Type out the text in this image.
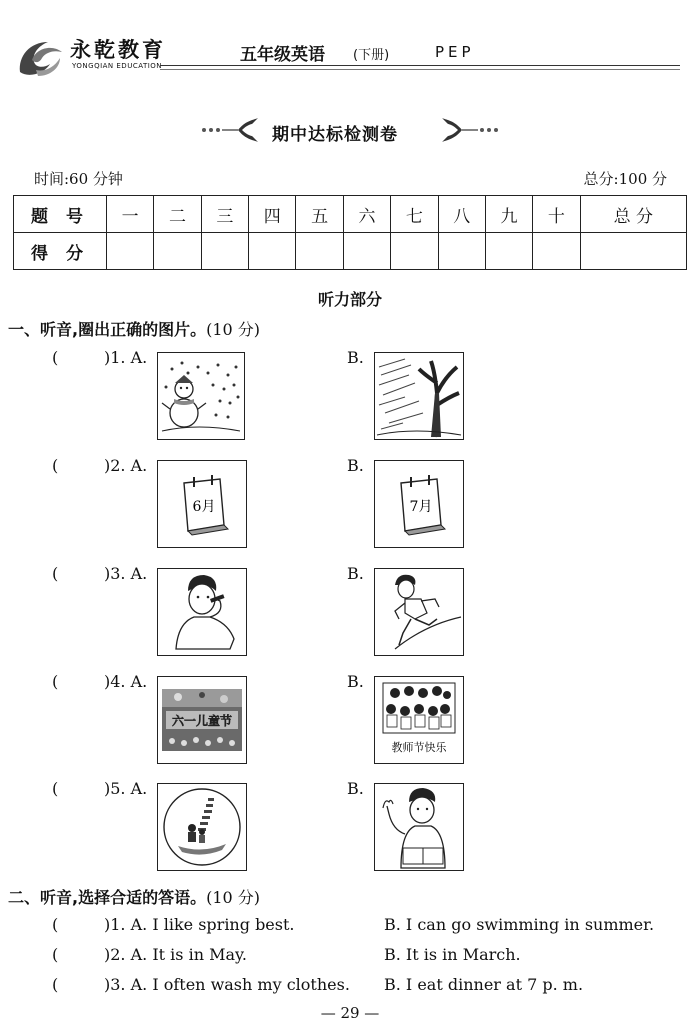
永乾教育
YONGQIAN EDUCATION
五年级英语 (下册)	PEP
期中达标检测卷
时间:60 分钟	总分:100 分
题 号	一	二	三	四	五	六	七	八	九	十	总 分
得 分											
听力部分
一、听音,圈出正确的图片。(10 分)
(	)1. A.	B.
(	)2. A.
6月
B.
7月
(	)3. A.	B.
(	)4. A.
六一儿童节
B.
教师节快乐
(	)5. A.	B.
二、听音,选择合适的答语。(10 分)
(	)1. A. I like spring best.	B. I can go swimming in summer.
(	)2. A. It is in May.	B. It is in March.
(	)3. A. I often wash my clothes. B. I eat dinner at 7 p. m.
— 29 —
